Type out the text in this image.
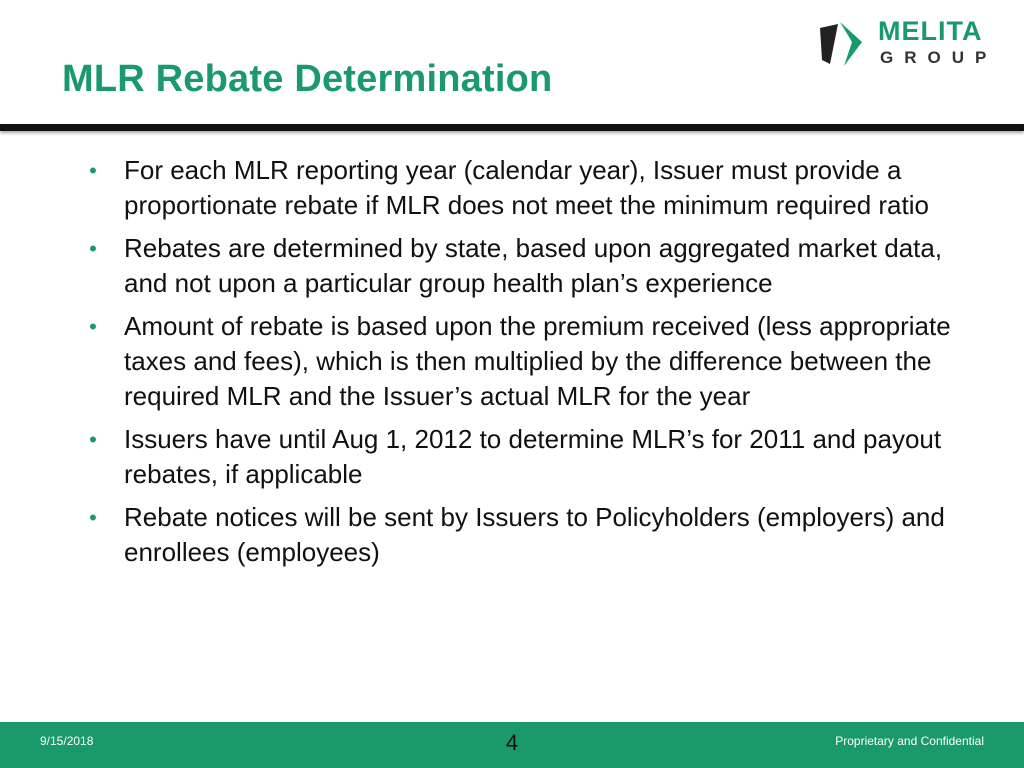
MLR Rebate Determination
MELITA
GROUP
• For each MLR reporting year (calendar year), Issuer must provide a proportionate rebate if MLR does not meet the minimum required ratio
• Rebates are determined by state, based upon aggregated market data, and not upon a particular group health plan’s experience
• Amount of rebate is based upon the premium received (less appropriate taxes and fees), which is then multiplied by the difference between the required MLR and the Issuer’s actual MLR for the year
• Issuers have until Aug 1, 2012 to determine MLR’s for 2011 and payout rebates, if applicable
• Rebate notices will be sent by Issuers to Policyholders (employers) and enrollees (employees)
9/15/2018	4	Proprietary and Confidential
